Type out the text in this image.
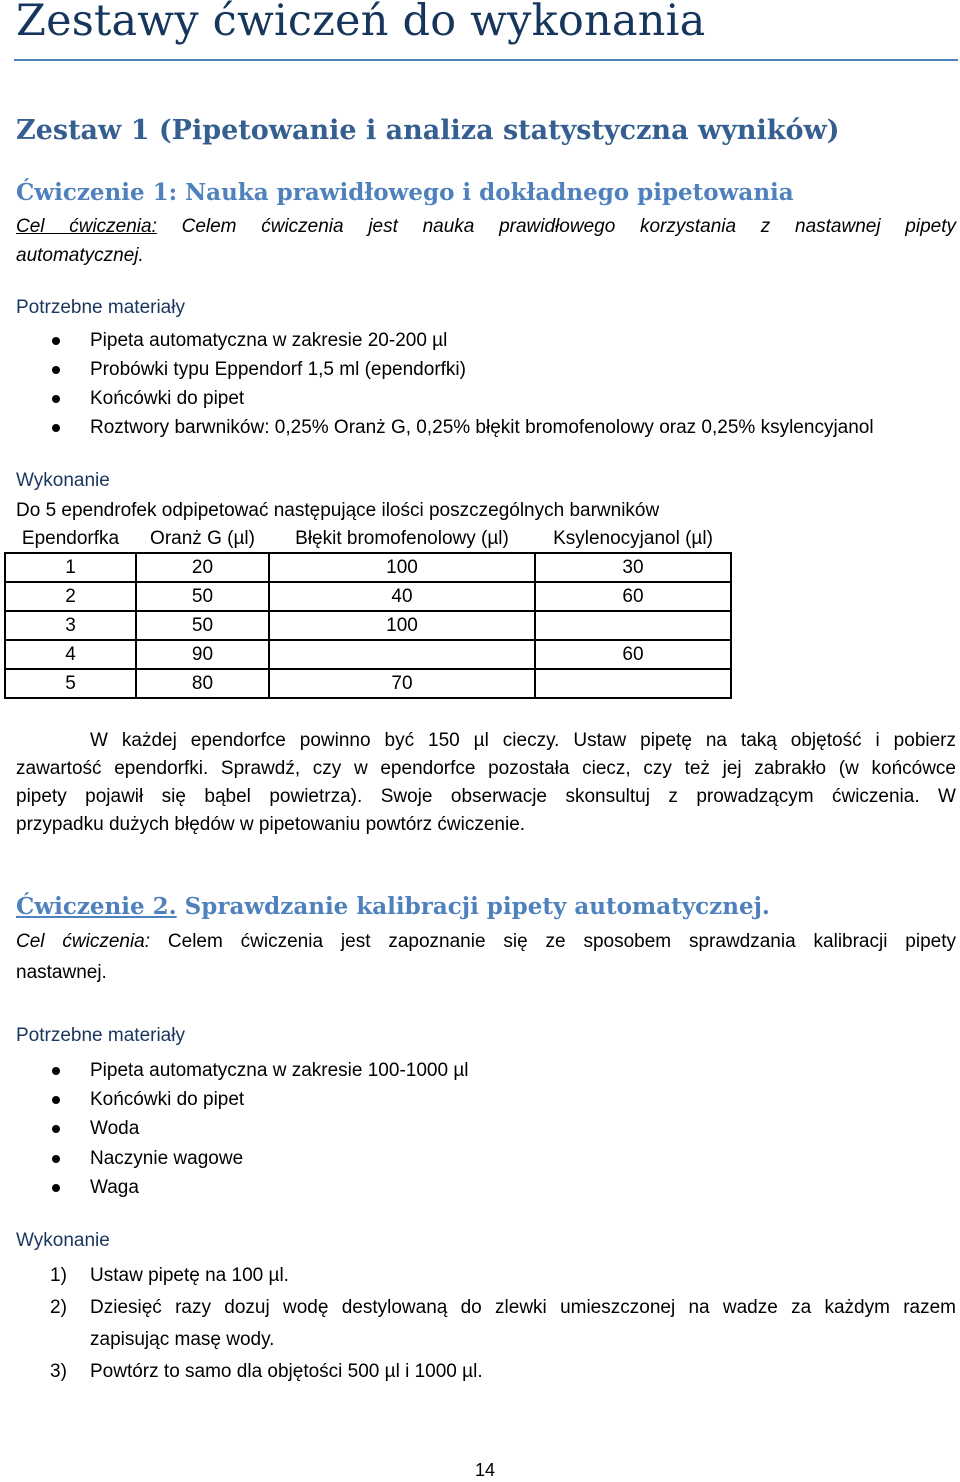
Zestawy ćwiczeń do wykonania
Zestaw 1 (Pipetowanie i analiza statystyczna wyników)
Ćwiczenie 1: Nauka prawidłowego i dokładnego pipetowania
Cel ćwiczenia: Celem ćwiczenia jest nauka prawidłowego korzystania z nastawnej pipety
automatycznej.
Potrzebne materiały
Pipeta automatyczna w zakresie 20-200 µl
Probówki typu Eppendorf 1,5 ml (ependorfki)
Końcówki do pipet
Roztwory barwników: 0,25% Oranż G, 0,25% błękit bromofenolowy oraz 0,25% ksylencyjanol
Wykonanie
Do 5 ependrofek odpipetować następujące ilości poszczególnych barwników
Ependorfka	Oranż G (µl)	Błękit bromofenolowy (µl)	Ksylenocyjanol (µl)
1	20	100	30
2	50	40	60
3	50	100	
4	90		60
5	80	70	
W każdej ependorfce powinno być 150 µl cieczy. Ustaw pipetę na taką objętość i pobierz
zawartość ependorfki. Sprawdź, czy w ependorfce pozostała ciecz, czy też jej zabrakło (w końcówce
pipety pojawił się bąbel powietrza). Swoje obserwacje skonsultuj z prowadzącym ćwiczenia. W
przypadku dużych błędów w pipetowaniu powtórz ćwiczenie.
Ćwiczenie 2. Sprawdzanie kalibracji pipety automatycznej.
Cel ćwiczenia: Celem ćwiczenia jest zapoznanie się ze sposobem sprawdzania kalibracji pipety
nastawnej.
Potrzebne materiały
Pipeta automatyczna w zakresie 100-1000 µl
Końcówki do pipet
Woda
Naczynie wagowe
Waga
Wykonanie
1) Ustaw pipetę na 100 µl.
2) Dziesięć razy dozuj wodę destylowaną do zlewki umieszczonej na wadze za każdym razem
zapisując masę wody.
3) Powtórz to samo dla objętości 500 µl i 1000 µl.
14
